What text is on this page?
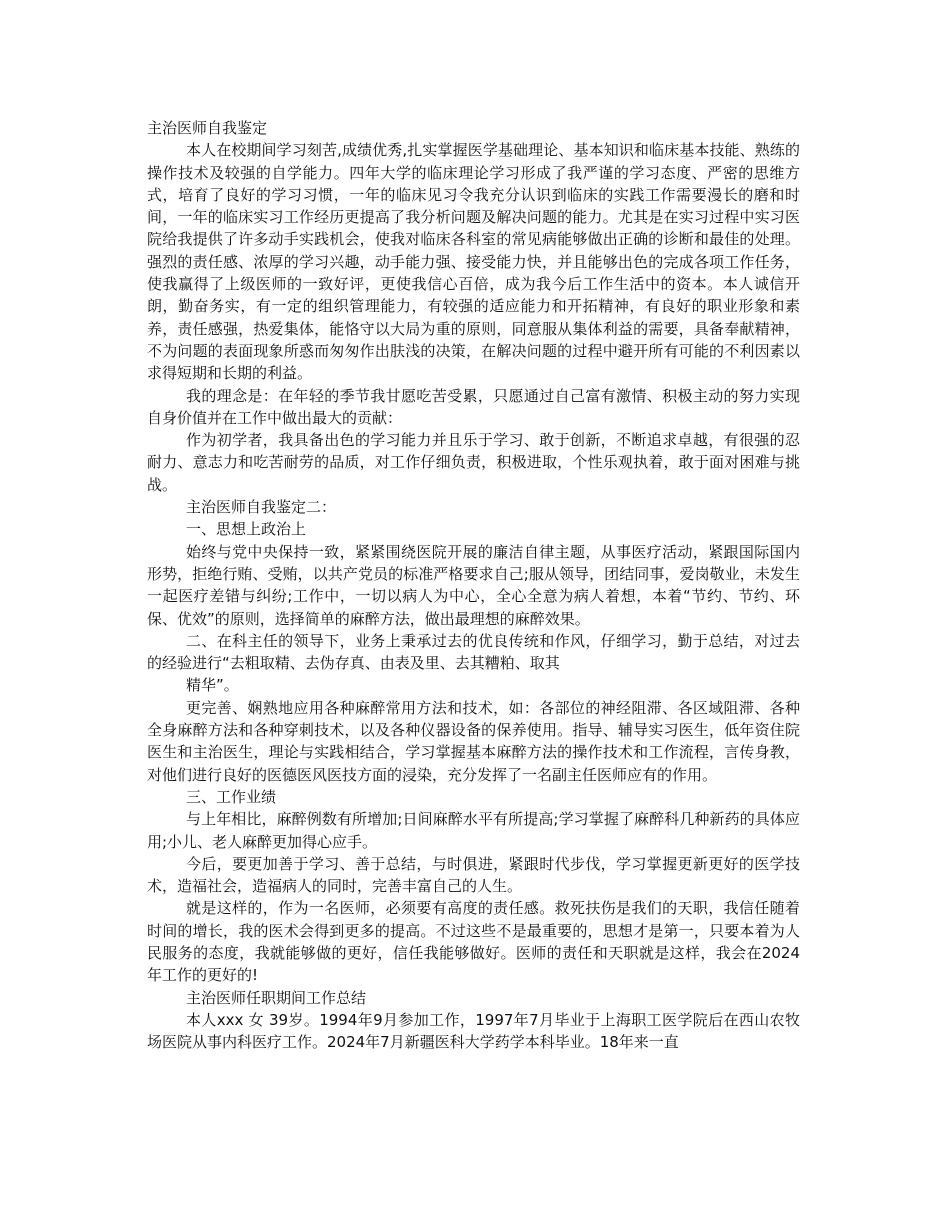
主治医师自我鉴定

本人在校期间学习刻苦,成绩优秀,扎实掌握医学基础理论、基本知识和临床基本技能、熟练的操作技术及较强的自学能力。四年大学的临床理论学习形成了我严谨的学习态度、严密的思维方式，培育了良好的学习习惯，一年的临床见习令我充分认识到临床的实践工作需要漫长的磨和时间，一年的临床实习工作经历更提高了我分析问题及解决问题的能力。尤其是在实习过程中实习医院给我提供了许多动手实践机会，使我对临床各科室的常见病能够做出正确的诊断和最佳的处理。强烈的责任感、浓厚的学习兴趣，动手能力强、接受能力快，并且能够出色的完成各项工作任务，使我赢得了上级医师的一致好评，更使我信心百倍，成为我今后工作生活中的资本。本人诚信开朗，勤奋务实，有一定的组织管理能力，有较强的适应能力和开拓精神，有良好的职业形象和素养，责任感强，热爱集体，能恪守以大局为重的原则，同意服从集体利益的需要，具备奉献精神，不为问题的表面现象所惑而匆匆作出肤浅的决策，在解决问题的过程中避开所有可能的不利因素以求得短期和长期的利益。

我的理念是：在年轻的季节我甘愿吃苦受累，只愿通过自己富有激情、积极主动的努力实现自身价值并在工作中做出最大的贡献：

作为初学者，我具备出色的学习能力并且乐于学习、敢于创新，不断追求卓越，有很强的忍耐力、意志力和吃苦耐劳的品质，对工作仔细负责，积极进取，个性乐观执着，敢于面对困难与挑战。

主治医师自我鉴定二：

一、思想上政治上

始终与党中央保持一致，紧紧围绕医院开展的廉洁自律主题，从事医疗活动，紧跟国际国内形势，拒绝行贿、受贿，以共产党员的标准严格要求自己;服从领导，团结同事，爱岗敬业，未发生一起医疗差错与纠纷;工作中，一切以病人为中心，全心全意为病人着想，本着“节约、节约、环保、优效”的原则，选择简单的麻醉方法，做出最理想的麻醉效果。

二、在科主任的领导下，业务上秉承过去的优良传统和作风，仔细学习，勤于总结，对过去的经验进行“去粗取精、去伪存真、由表及里、去其糟粕、取其

精华”。

更完善、娴熟地应用各种麻醉常用方法和技术，如：各部位的神经阻滞、各区域阻滞、各种全身麻醉方法和各种穿刺技术，以及各种仪器设备的保养使用。指导、辅导实习医生，低年资住院医生和主治医生，理论与实践相结合，学习掌握基本麻醉方法的操作技术和工作流程，言传身教，对他们进行良好的医德医风医技方面的浸染，充分发挥了一名副主任医师应有的作用。

三、工作业绩

与上年相比，麻醉例数有所增加;日间麻醉水平有所提高;学习掌握了麻醉科几种新药的具体应用;小儿、老人麻醉更加得心应手。

今后，要更加善于学习、善于总结，与时俱进，紧跟时代步伐，学习掌握更新更好的医学技术，造福社会，造福病人的同时，完善丰富自己的人生。

就是这样的，作为一名医师，必须要有高度的责任感。救死扶伤是我们的天职，我信任随着时间的增长，我的医术会得到更多的提高。不过这些不是最重要的，思想才是第一，只要本着为人民服务的态度，我就能够做的更好，信任我能够做好。医师的责任和天职就是这样，我会在2024年工作的更好的!

主治医师任职期间工作总结

本人xxx 女 39岁。1994年9月参加工作，1997年7月毕业于上海职工医学院后在西山农牧场医院从事内科医疗工作。2024年7月新疆医科大学药学本科毕业。18年来一直
